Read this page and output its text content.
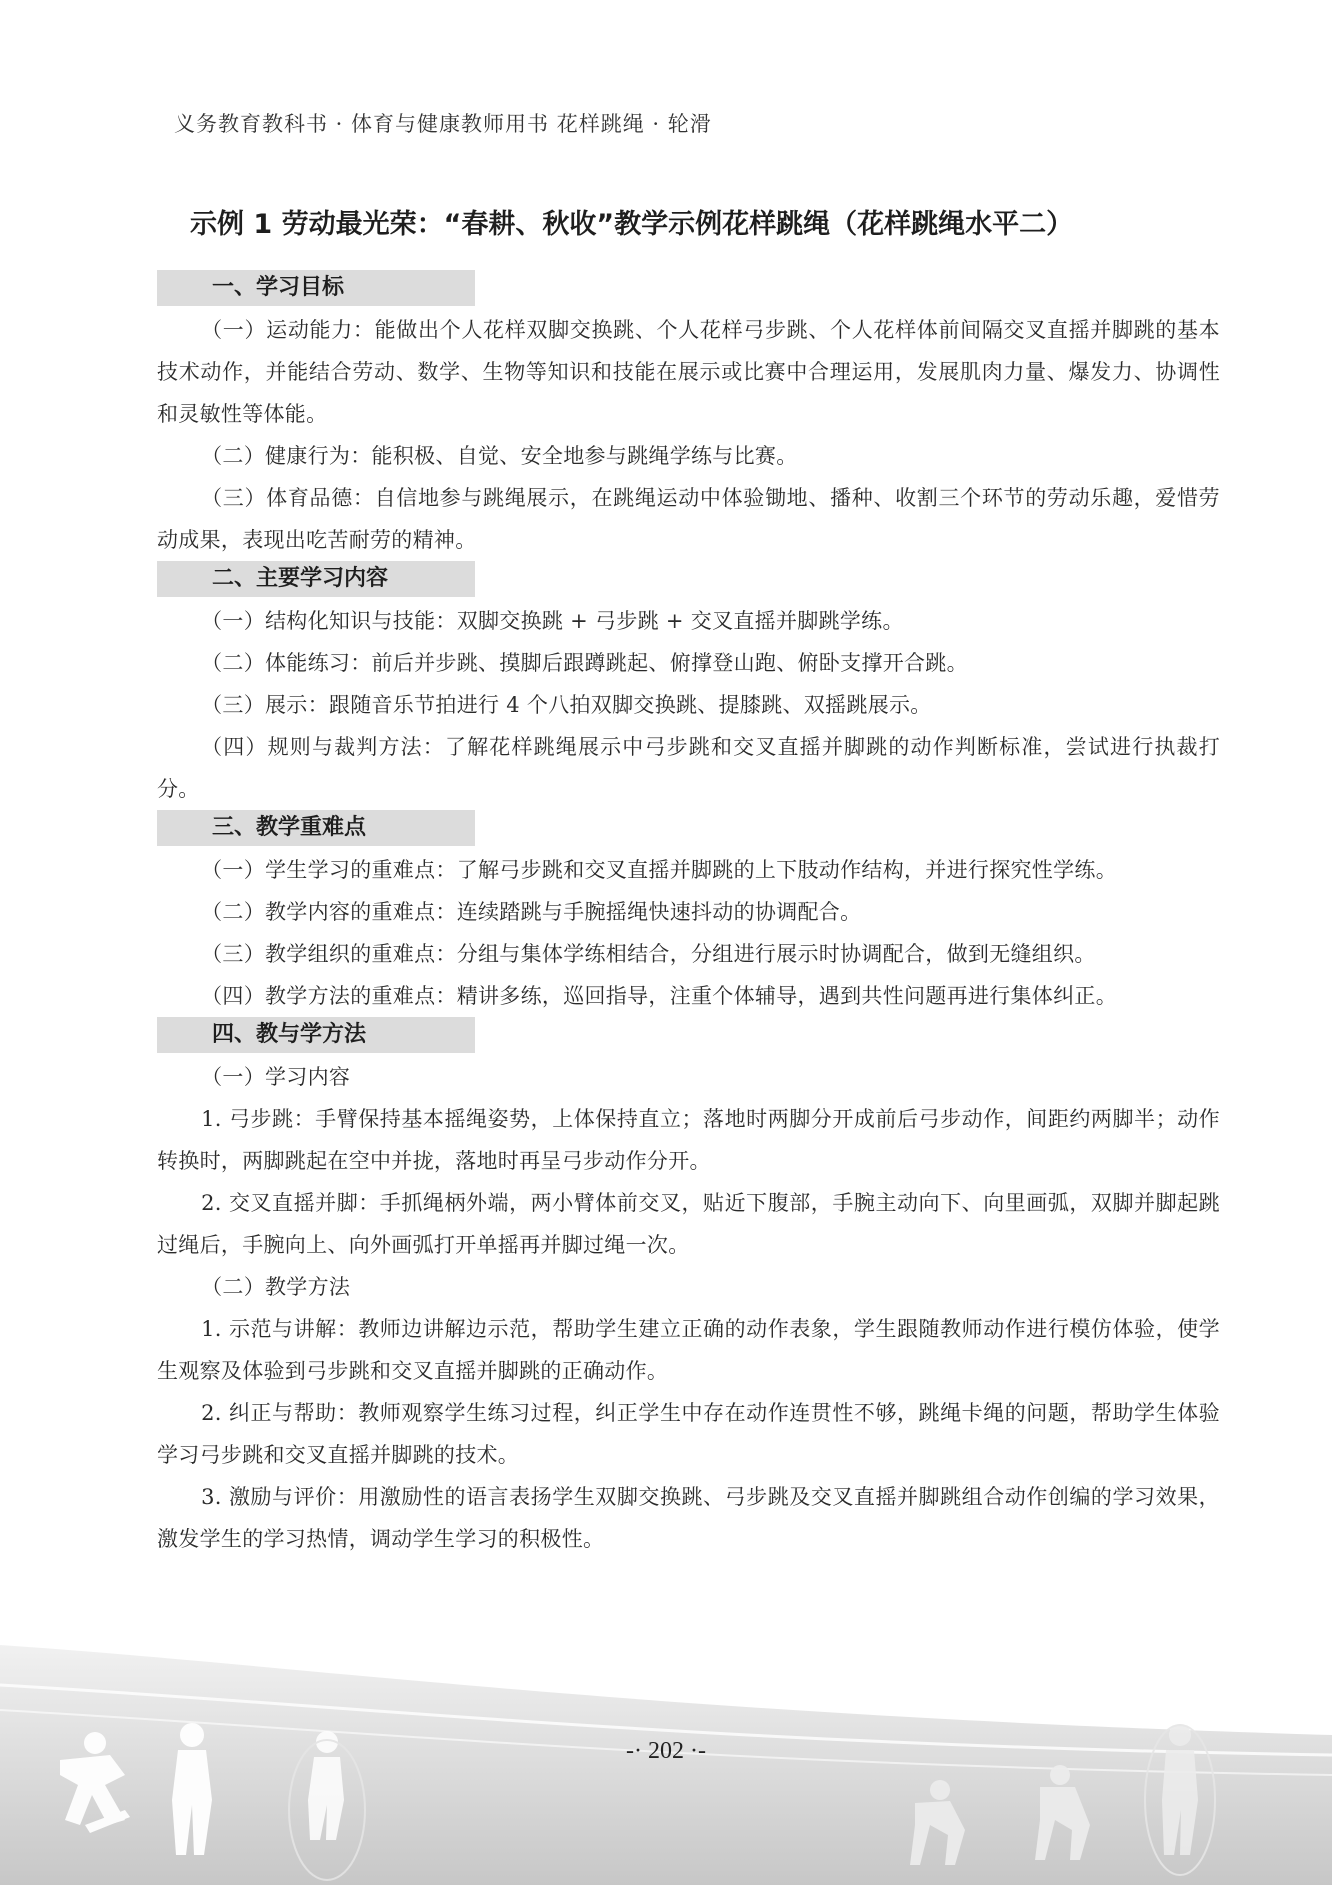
义务教育教科书 · 体育与健康教师用书 花样跳绳 · 轮滑
示例 1 劳动最光荣：“春耕、秋收”教学示例花样跳绳（花样跳绳水平二）
一、学习目标

（一）运动能力：能做出个人花样双脚交换跳、个人花样弓步跳、个人花样体前间隔交叉直摇并脚跳的基本技术动作，并能结合劳动、数学、生物等知识和技能在展示或比赛中合理运用，发展肌肉力量、爆发力、协调性和灵敏性等体能。

（二）健康行为：能积极、自觉、安全地参与跳绳学练与比赛。

（三）体育品德：自信地参与跳绳展示，在跳绳运动中体验锄地、播种、收割三个环节的劳动乐趣，爱惜劳动成果，表现出吃苦耐劳的精神。

二、主要学习内容

（一）结构化知识与技能：双脚交换跳 + 弓步跳 + 交叉直摇并脚跳学练。

（二）体能练习：前后并步跳、摸脚后跟蹲跳起、俯撑登山跑、俯卧支撑开合跳。

（三）展示：跟随音乐节拍进行 4 个八拍双脚交换跳、提膝跳、双摇跳展示。

（四）规则与裁判方法：了解花样跳绳展示中弓步跳和交叉直摇并脚跳的动作判断标准，尝试进行执裁打分。

三、教学重难点

（一）学生学习的重难点：了解弓步跳和交叉直摇并脚跳的上下肢动作结构，并进行探究性学练。

（二）教学内容的重难点：连续踏跳与手腕摇绳快速抖动的协调配合。

（三）教学组织的重难点：分组与集体学练相结合，分组进行展示时协调配合，做到无缝组织。

（四）教学方法的重难点：精讲多练，巡回指导，注重个体辅导，遇到共性问题再进行集体纠正。

四、教与学方法

（一）学习内容

1. 弓步跳：手臂保持基本摇绳姿势，上体保持直立；落地时两脚分开成前后弓步动作，间距约两脚半；动作转换时，两脚跳起在空中并拢，落地时再呈弓步动作分开。

2. 交叉直摇并脚：手抓绳柄外端，两小臂体前交叉，贴近下腹部，手腕主动向下、向里画弧，双脚并脚起跳过绳后，手腕向上、向外画弧打开单摇再并脚过绳一次。

（二）教学方法

1. 示范与讲解：教师边讲解边示范，帮助学生建立正确的动作表象，学生跟随教师动作进行模仿体验，使学生观察及体验到弓步跳和交叉直摇并脚跳的正确动作。

2. 纠正与帮助：教师观察学生练习过程，纠正学生中存在动作连贯性不够，跳绳卡绳的问题，帮助学生体验学习弓步跳和交叉直摇并脚跳的技术。

3. 激励与评价：用激励性的语言表扬学生双脚交换跳、弓步跳及交叉直摇并脚跳组合动作创编的学习效果，激发学生的学习热情，调动学生学习的积极性。

-· 202 ·-
